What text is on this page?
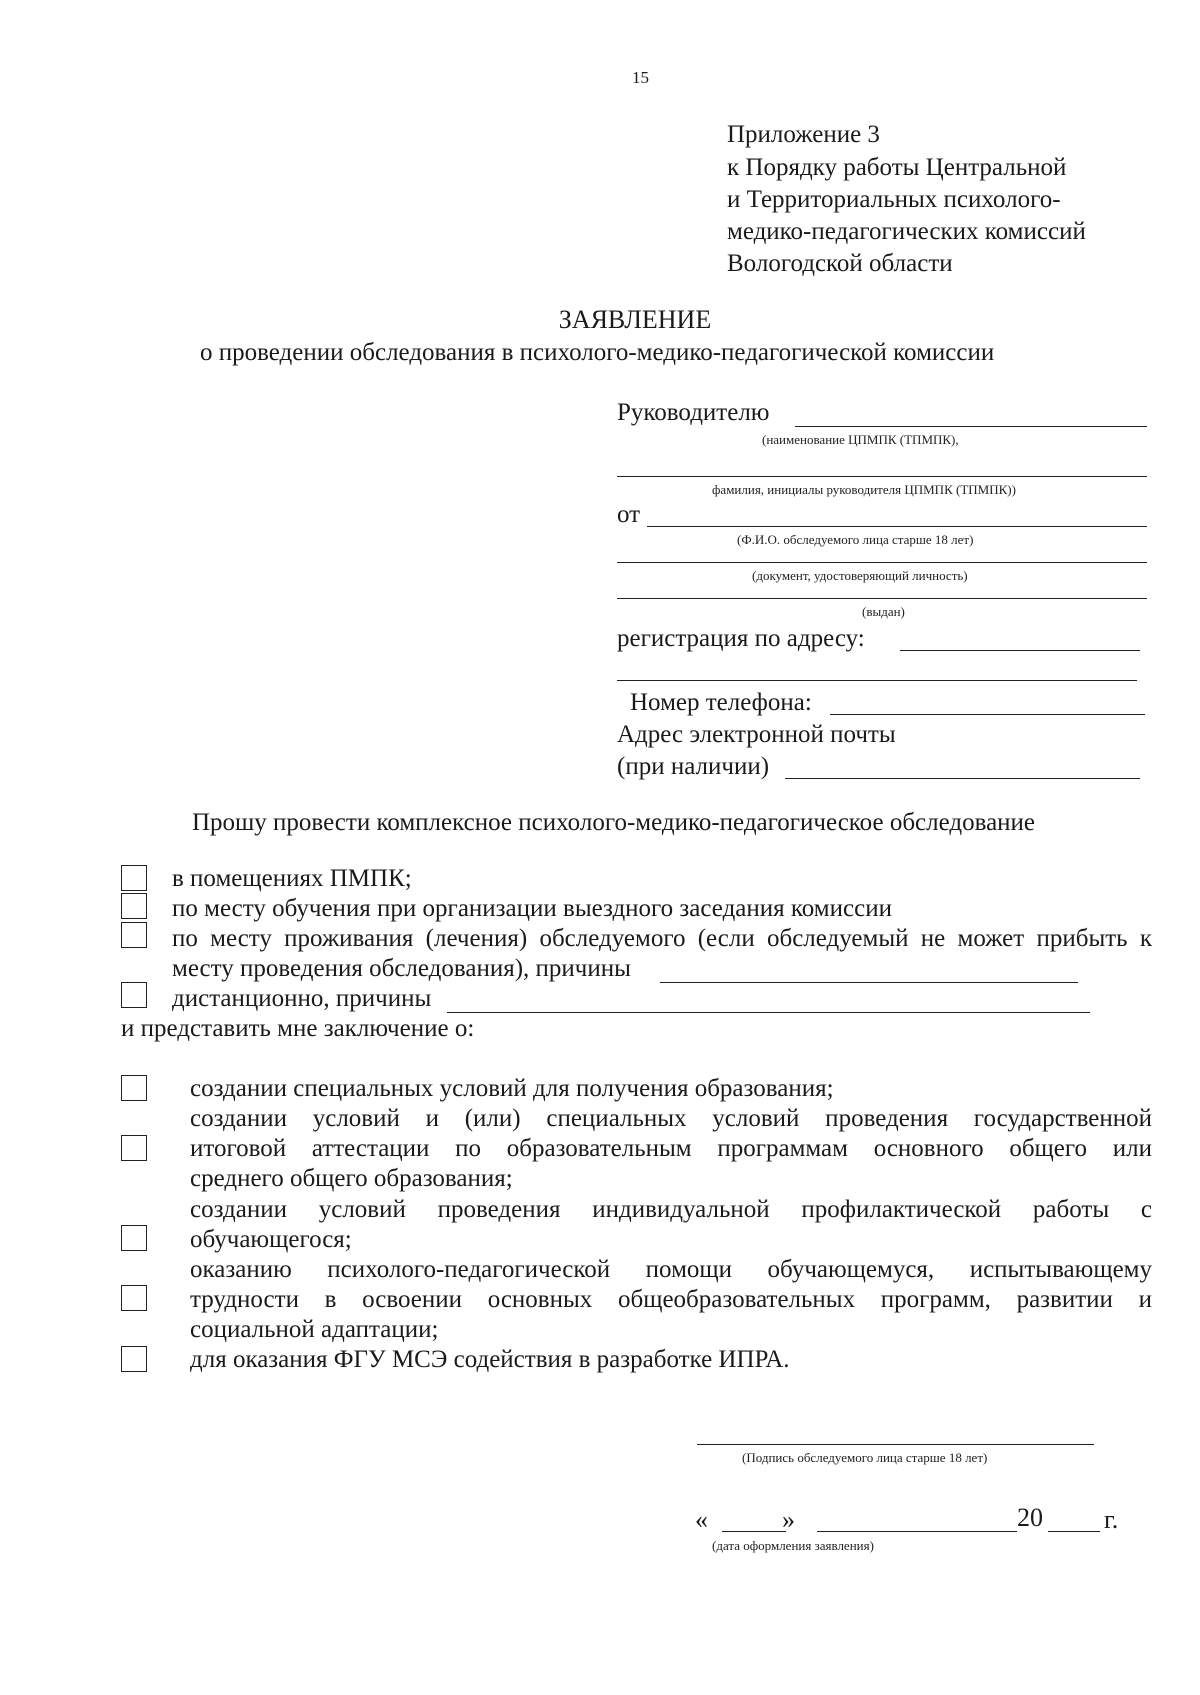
15
Приложение 3
к Порядку работы Центральной
и Территориальных психолого-
медико-педагогических комиссий
Вологодской области
ЗАЯВЛЕНИЕ
о проведении обследования в психолого-медико-педагогической комиссии
Руководителю
(наименование ЦПМПК (ТПМПК),
фамилия, инициалы руководителя ЦПМПК (ТПМПК))
от
(Ф.И.О. обследуемого лица старше 18 лет)
(документ, удостоверяющий личность)
(выдан)
регистрация по адресу:
Номер телефона:
Адрес электронной почты
(при наличии)
Прошу провести комплексное психолого-медико-педагогическое обследование
в помещениях ПМПК;
по месту обучения при организации выездного заседания комиссии
по месту проживания (лечения) обследуемого (если обследуемый не может прибыть к
месту проведения обследования), причины
дистанционно, причины
и представить мне заключение о:
создании специальных условий для получения образования;
создании условий и (или) специальных условий проведения государственной
итоговой аттестации по образовательным программам основного общего или
среднего общего образования;
создании условий проведения индивидуальной профилактической работы с
обучающегося;
оказанию психолого-педагогической помощи обучающемуся, испытывающему
трудности в освоении основных общеобразовательных программ, развитии и
социальной адаптации;
для оказания ФГУ МСЭ содействия в разработке ИПРА.
(Подпись обследуемого лица старше 18 лет)
«	»	20 г.
(дата оформления заявления)
